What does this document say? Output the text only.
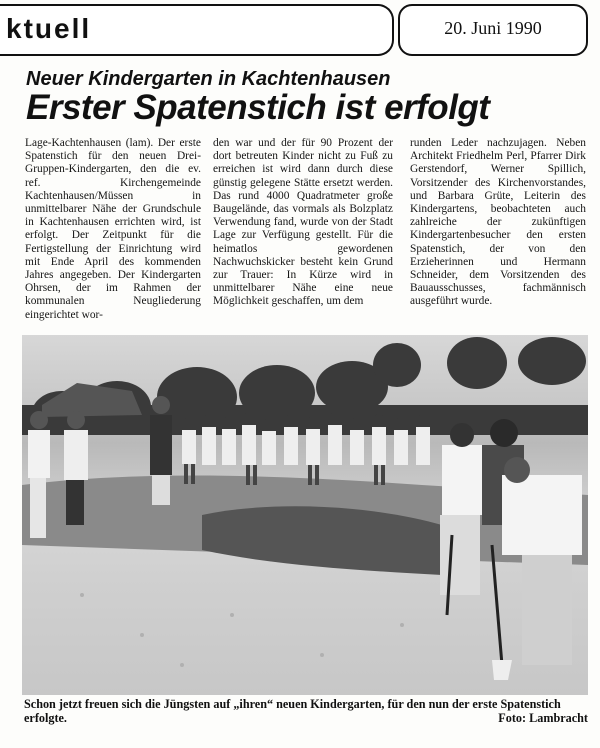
ktuell	20. Juni 1990
Neuer Kindergarten in Kachtenhausen
Erster Spatenstich ist erfolgt

Lage-Kachtenhausen (lam). Der erste Spatenstich für den neuen Drei-Gruppen-Kindergarten, den die ev. ref. Kirchengemeinde Kachtenhausen/Müssen in unmittelbarer Nähe der Grundschule in Kachtenhausen errichten wird, ist erfolgt. Der Zeitpunkt für die Fertigstellung der Einrichtung wird mit Ende April des kommenden Jahres angegeben. Der Kindergarten Ohrsen, der im Rahmen der kommunalen Neugliederung eingerichtet wor-

den war und der für 90 Prozent der dort betreuten Kinder nicht zu Fuß zu erreichen ist wird dann durch diese günstig gelegene Stätte ersetzt werden. Das rund 4000 Quadratmeter große Baugelände, das vormals als Bolzplatz Verwendung fand, wurde von der Stadt Lage zur Verfügung gestellt. Für die heimatlos gewordenen Nachwuchskicker besteht kein Grund zur Trauer: In Kürze wird in unmittelbarer Nähe eine neue Möglichkeit geschaffen, um dem

runden Leder nachzujagen. Neben Architekt Friedhelm Perl, Pfarrer Dirk Gerstendorf, Werner Spillich, Vorsitzender des Kirchenvorstandes, und Barbara Grüte, Leiterin des Kindergartens, beobachteten auch zahlreiche der zukünftigen Kindergartenbesucher den ersten Spatenstich, der von den Erzieherinnen und Hermann Schneider, dem Vorsitzenden des Bauausschusses, fachmännisch ausgeführt wurde.

Schon jetzt freuen sich die Jüngsten auf „ihren“ neuen Kindergarten, für den nun der erste Spatenstich erfolgte.	Foto: Lambracht
